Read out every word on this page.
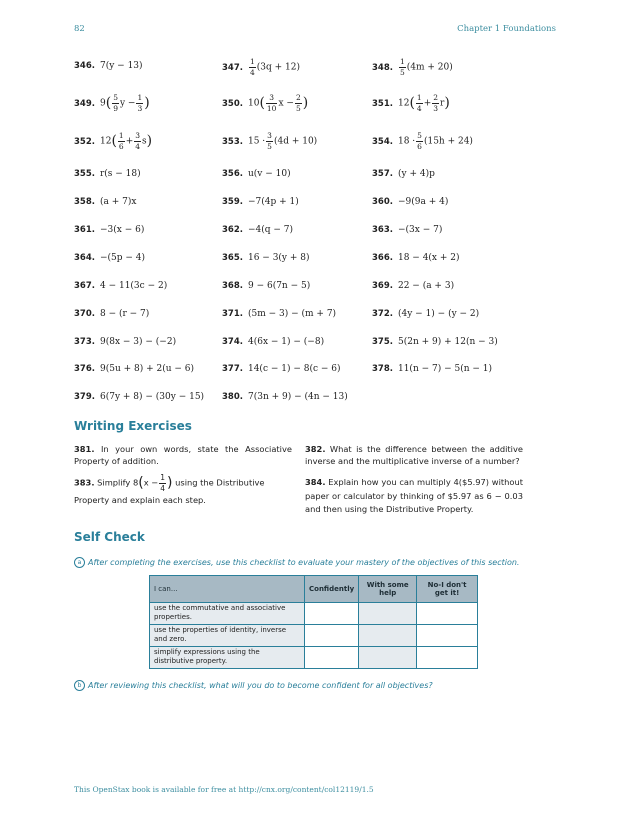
82	Chapter 1 Foundations
346. 7(y − 13)	347. $\frac{1}{4} (3q + 12)$	348. $\frac{1}{5} (4m + 20)$
349. $9( \frac{5}{9}$ $y - \frac{1}{3}$ )	350. $10( \frac{3}{10}$ $x - \frac{2}{5}$ )	351. $12( \frac{1}{4} + \frac{2}{3} r)$
352. $12( \frac{1}{6} + \frac{3}{4} s)$	353. $15 \cdot \frac{3}{5} (4d + 10)$	354. $18 \cdot \frac{5}{6} (15h + 24)$
355. r(s − 18)	356. u(v − 10)	357. (y + 4)p
358. (a + 7)x	359. −7(4p + 1)	360. −9(9a + 4)
361. −3(x − 6)	362. −4(q − 7)	363. −(3x − 7)
364. −(5p − 4)	365. 16 − 3(y + 8)	366. 18 − 4(x + 2)
367. 4 − 11(3c − 2)	368. 9 − 6(7n − 5)	369. 22 − (a + 3)
370. 8 − (r − 7)	371. (5m − 3) − (m + 7)	372. (4y − 1) − (y − 2)
373. 9(8x − 3) − (−2)	374. 4(6x − 1) − (−8)	375. 5(2n + 9) + 12(n − 3)
376. 9(5u + 8) + 2(u − 6)	377. 14(c − 1) − 8(c − 6)	378. 11(n − 7) − 5(n − 1)
379. 6(7y + 8) − (30y − 15) 380. 7(3n + 9) − (4n − 13)
Writing Exercises
381. In your own words, state the Associative Property of addition.
382. What is the difference between the additive inverse and the multiplicative inverse of a number?
383. Simplify $8(x - \frac{1}{4}$ ) using the Distributive Property and explain each step.
384. Explain how you can multiply 4($5.97) without paper or calculator by thinking of $5.97 as 6 − 0.03 and then using the Distributive Property.
Self Check
a After completing the exercises, use this checklist to evaluate your mastery of the objectives of this section.
I can...	Confidently	With some help	No-I don't get it!
use the commutative and associative properties.			
use the properties of identity, inverse and zero.			
simplify expressions using the distributive property.			
b After reviewing this checklist, what will you do to become confident for all objectives?
This OpenStax book is available for free at http://cnx.org/content/col12119/1.5
